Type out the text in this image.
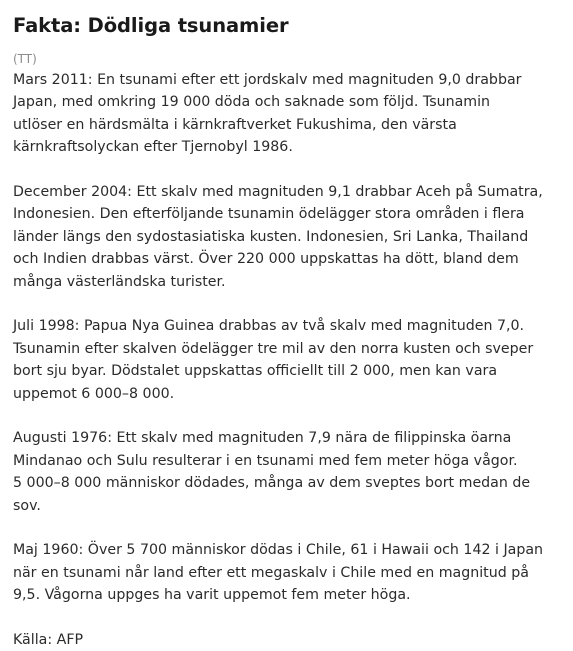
Fakta: Dödliga tsunamier
(TT)

Mars 2011: En tsunami efter ett jordskalv med magnituden 9,0 drabbar
Japan, med omkring 19 000 döda och saknade som följd. Tsunamin
utlöser en härdsmälta i kärnkraftverket Fukushima, den värsta
kärnkraftsolyckan efter Tjernobyl 1986.

December 2004: Ett skalv med magnituden 9,1 drabbar Aceh på Sumatra,
Indonesien. Den efterföljande tsunamin ödelägger stora områden i flera
länder längs den sydostasiatiska kusten. Indonesien, Sri Lanka, Thailand
och Indien drabbas värst. Över 220 000 uppskattas ha dött, bland dem
många västerländska turister.

Juli 1998: Papua Nya Guinea drabbas av två skalv med magnituden 7,0.
Tsunamin efter skalven ödelägger tre mil av den norra kusten och sveper
bort sju byar. Dödstalet uppskattas officiellt till 2 000, men kan vara
uppemot 6 000–8 000.

Augusti 1976: Ett skalv med magnituden 7,9 nära de filippinska öarna
Mindanao och Sulu resulterar i en tsunami med fem meter höga vågor.
5 000–8 000 människor dödades, många av dem sveptes bort medan de
sov.

Maj 1960: Över 5 700 människor dödas i Chile, 61 i Hawaii och 142 i Japan
när en tsunami når land efter ett megaskalv i Chile med en magnitud på
9,5. Vågorna uppges ha varit uppemot fem meter höga.

Källa: AFP
